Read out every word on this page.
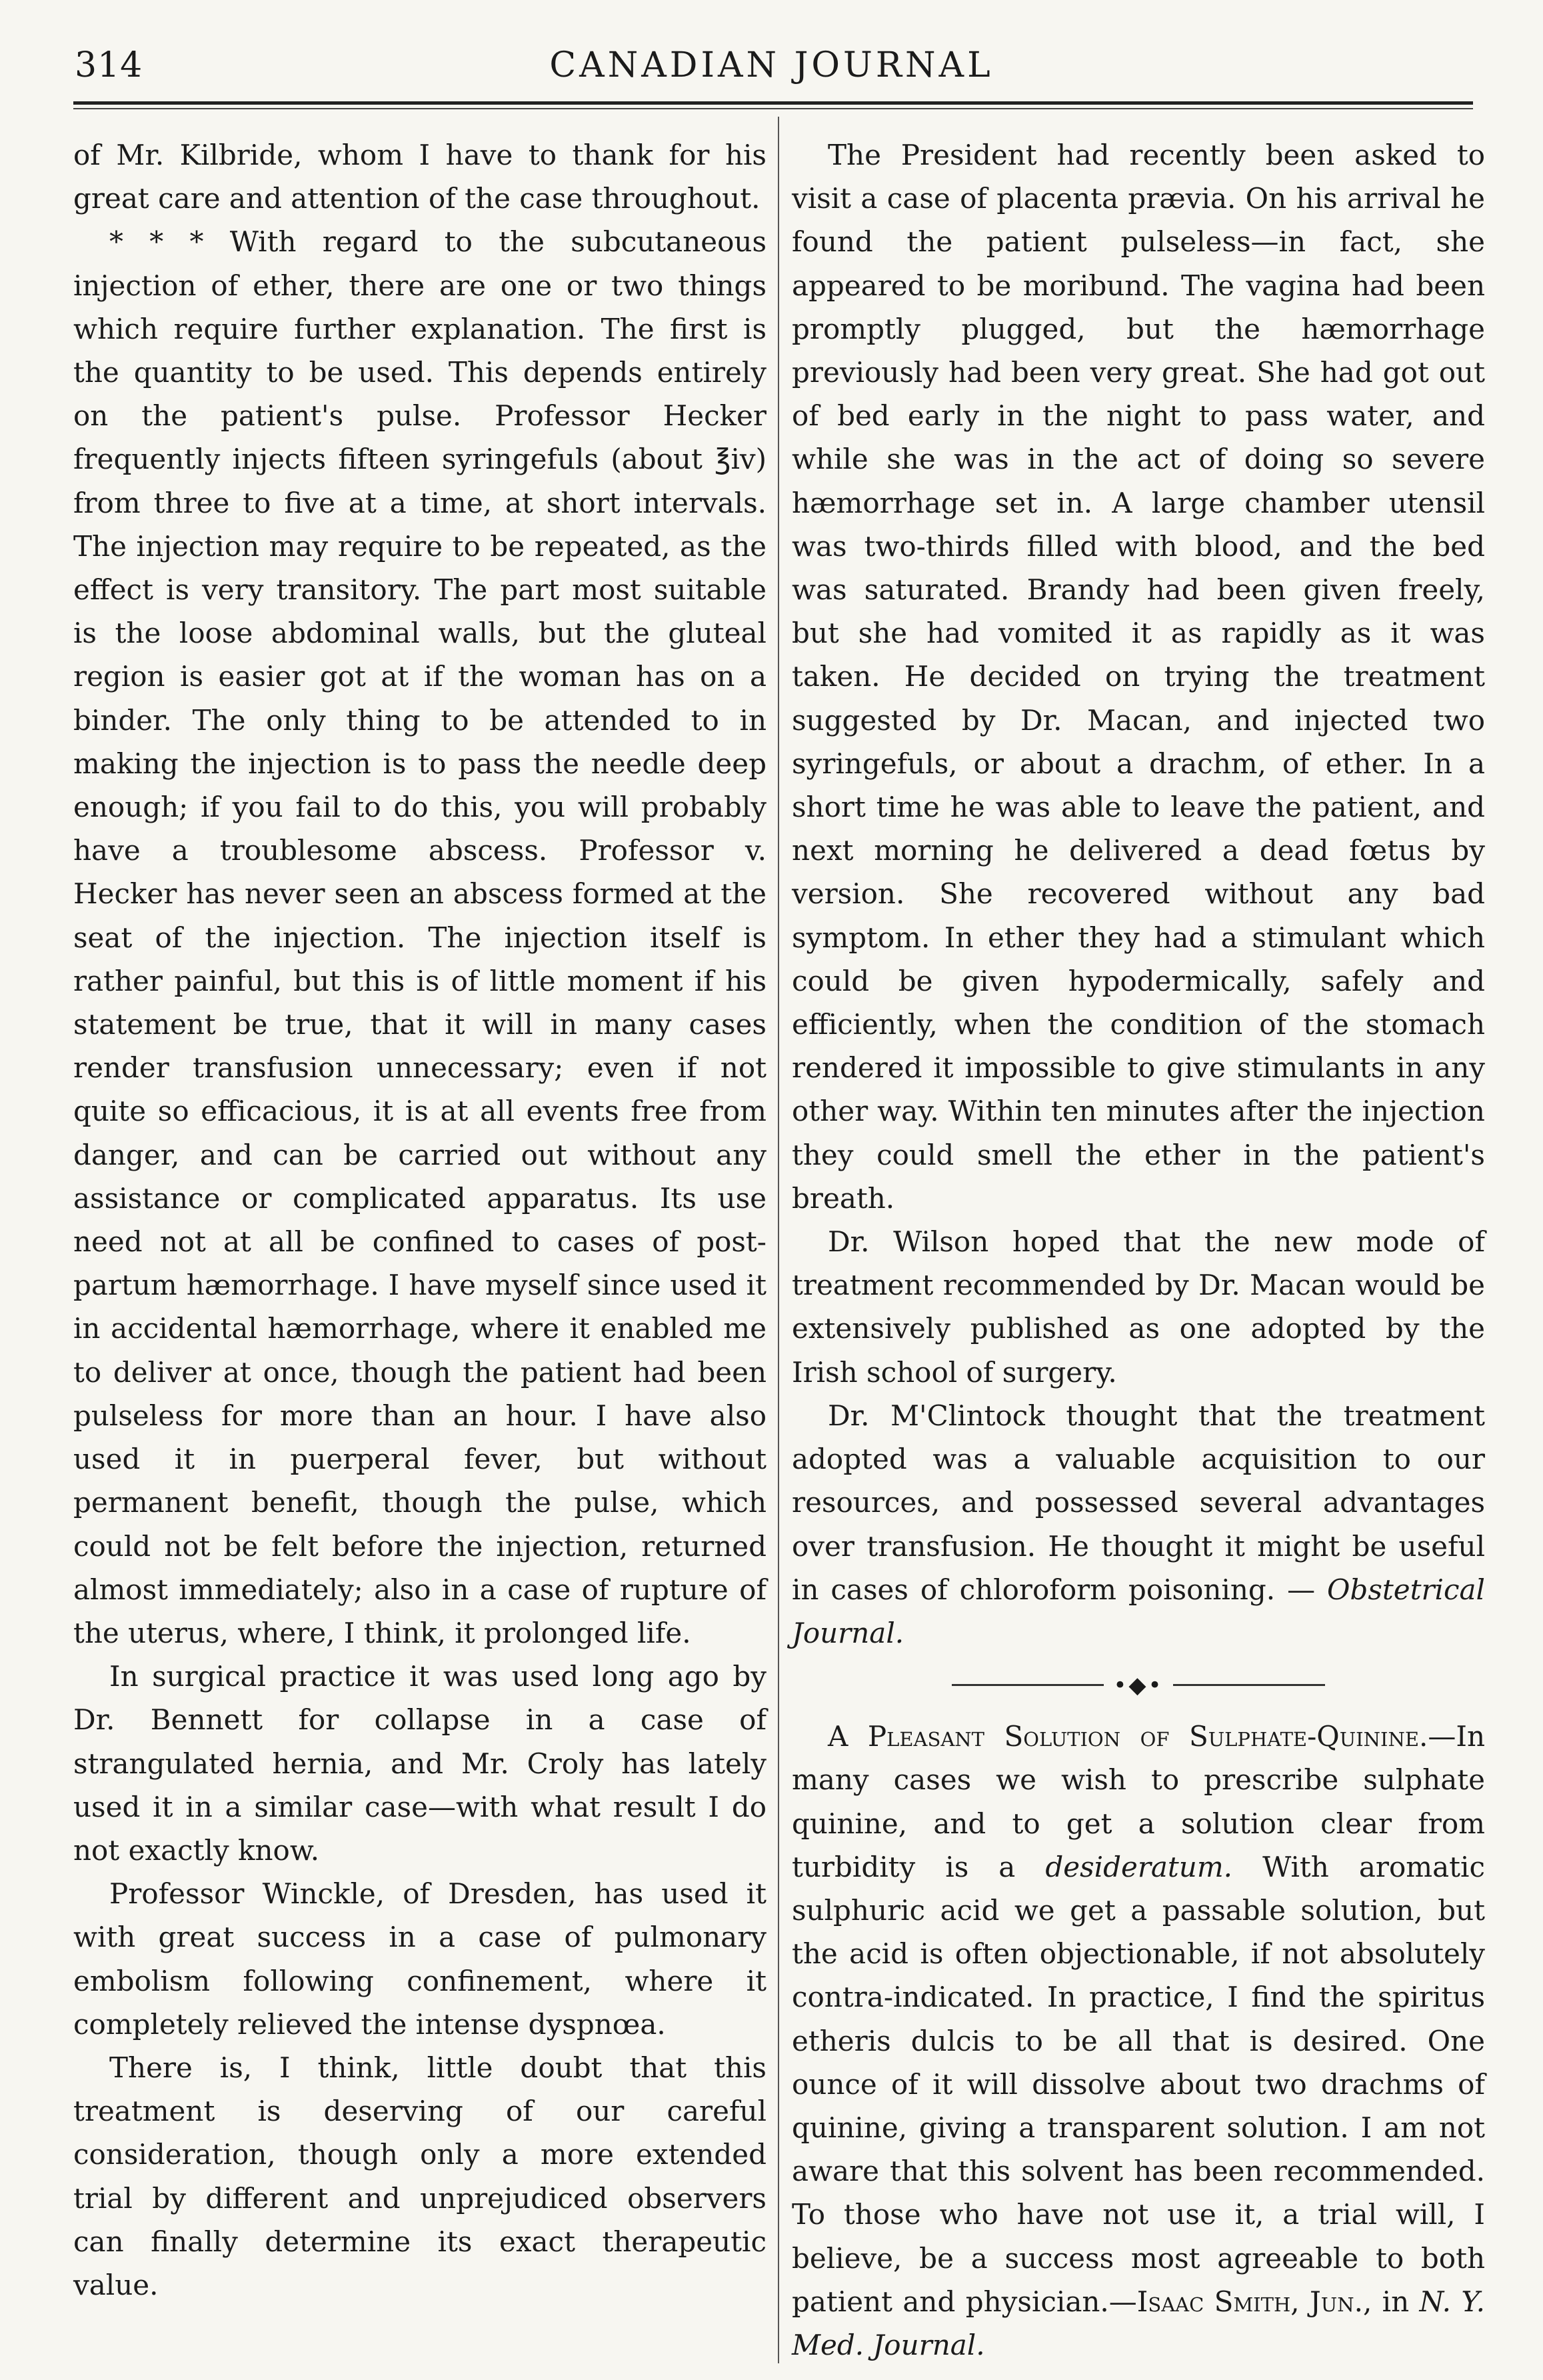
314	CANADIAN JOURNAL

of Mr. Kilbride, whom I have to thank for his great care and attention of the case throughout.

* * * With regard to the subcutaneous injection of ether, there are one or two things which require further explanation. The first is the quantity to be used. This depends entirely on the patient's pulse. Professor Hecker frequently injects fifteen syringefuls (about ℥iv) from three to five at a time, at short intervals. The injection may require to be repeated, as the effect is very transitory. The part most suitable is the loose abdominal walls, but the gluteal region is easier got at if the woman has on a binder. The only thing to be attended to in making the injection is to pass the needle deep enough; if you fail to do this, you will probably have a troublesome abscess. Professor v. Hecker has never seen an abscess formed at the seat of the injection. The injection itself is rather painful, but this is of little moment if his statement be true, that it will in many cases render transfusion unnecessary; even if not quite so efficacious, it is at all events free from danger, and can be carried out without any assistance or complicated apparatus. Its use need not at all be confined to cases of post-partum hæmorrhage. I have myself since used it in accidental hæmorrhage, where it enabled me to deliver at once, though the patient had been pulseless for more than an hour. I have also used it in puerperal fever, but without permanent benefit, though the pulse, which could not be felt before the injection, returned almost immediately; also in a case of rupture of the uterus, where, I think, it prolonged life.

In surgical practice it was used long ago by Dr. Bennett for collapse in a case of strangulated hernia, and Mr. Croly has lately used it in a similar case—with what result I do not exactly know.

Professor Winckle, of Dresden, has used it with great success in a case of pulmonary embolism following confinement, where it completely relieved the intense dyspnœa.

There is, I think, little doubt that this treatment is deserving of our careful consideration, though only a more extended trial by different and unprejudiced observers can finally determine its exact therapeutic value.

The President had recently been asked to visit a case of placenta prævia. On his arrival he found the patient pulseless—in fact, she appeared to be moribund. The vagina had been promptly plugged, but the hæmorrhage previously had been very great. She had got out of bed early in the night to pass water, and while she was in the act of doing so severe hæmorrhage set in. A large chamber utensil was two-thirds filled with blood, and the bed was saturated. Brandy had been given freely, but she had vomited it as rapidly as it was taken. He decided on trying the treatment suggested by Dr. Macan, and injected two syringefuls, or about a drachm, of ether. In a short time he was able to leave the patient, and next morning he delivered a dead fœtus by version. She recovered without any bad symptom. In ether they had a stimulant which could be given hypodermically, safely and efficiently, when the condition of the stomach rendered it impossible to give stimulants in any other way. Within ten minutes after the injection they could smell the ether in the patient's breath.

Dr. Wilson hoped that the new mode of treatment recommended by Dr. Macan would be extensively published as one adopted by the Irish school of surgery.

Dr. M'Clintock thought that the treatment adopted was a valuable acquisition to our resources, and possessed several advantages over transfusion. He thought it might be useful in cases of chloroform poisoning. — Obstetrical Journal.

•◆•

A Pleasant Solution of Sulphate-Quinine.—In many cases we wish to prescribe sulphate quinine, and to get a solution clear from turbidity is a desideratum. With aromatic sulphuric acid we get a passable solution, but the acid is often objectionable, if not absolutely contra-indicated. In practice, I find the spiritus etheris dulcis to be all that is desired. One ounce of it will dissolve about two drachms of quinine, giving a transparent solution. I am not aware that this solvent has been recommended. To those who have not use it, a trial will, I believe, be a success most agreeable to both patient and physician.—Isaac Smith, Jun., in N. Y. Med. Journal.
